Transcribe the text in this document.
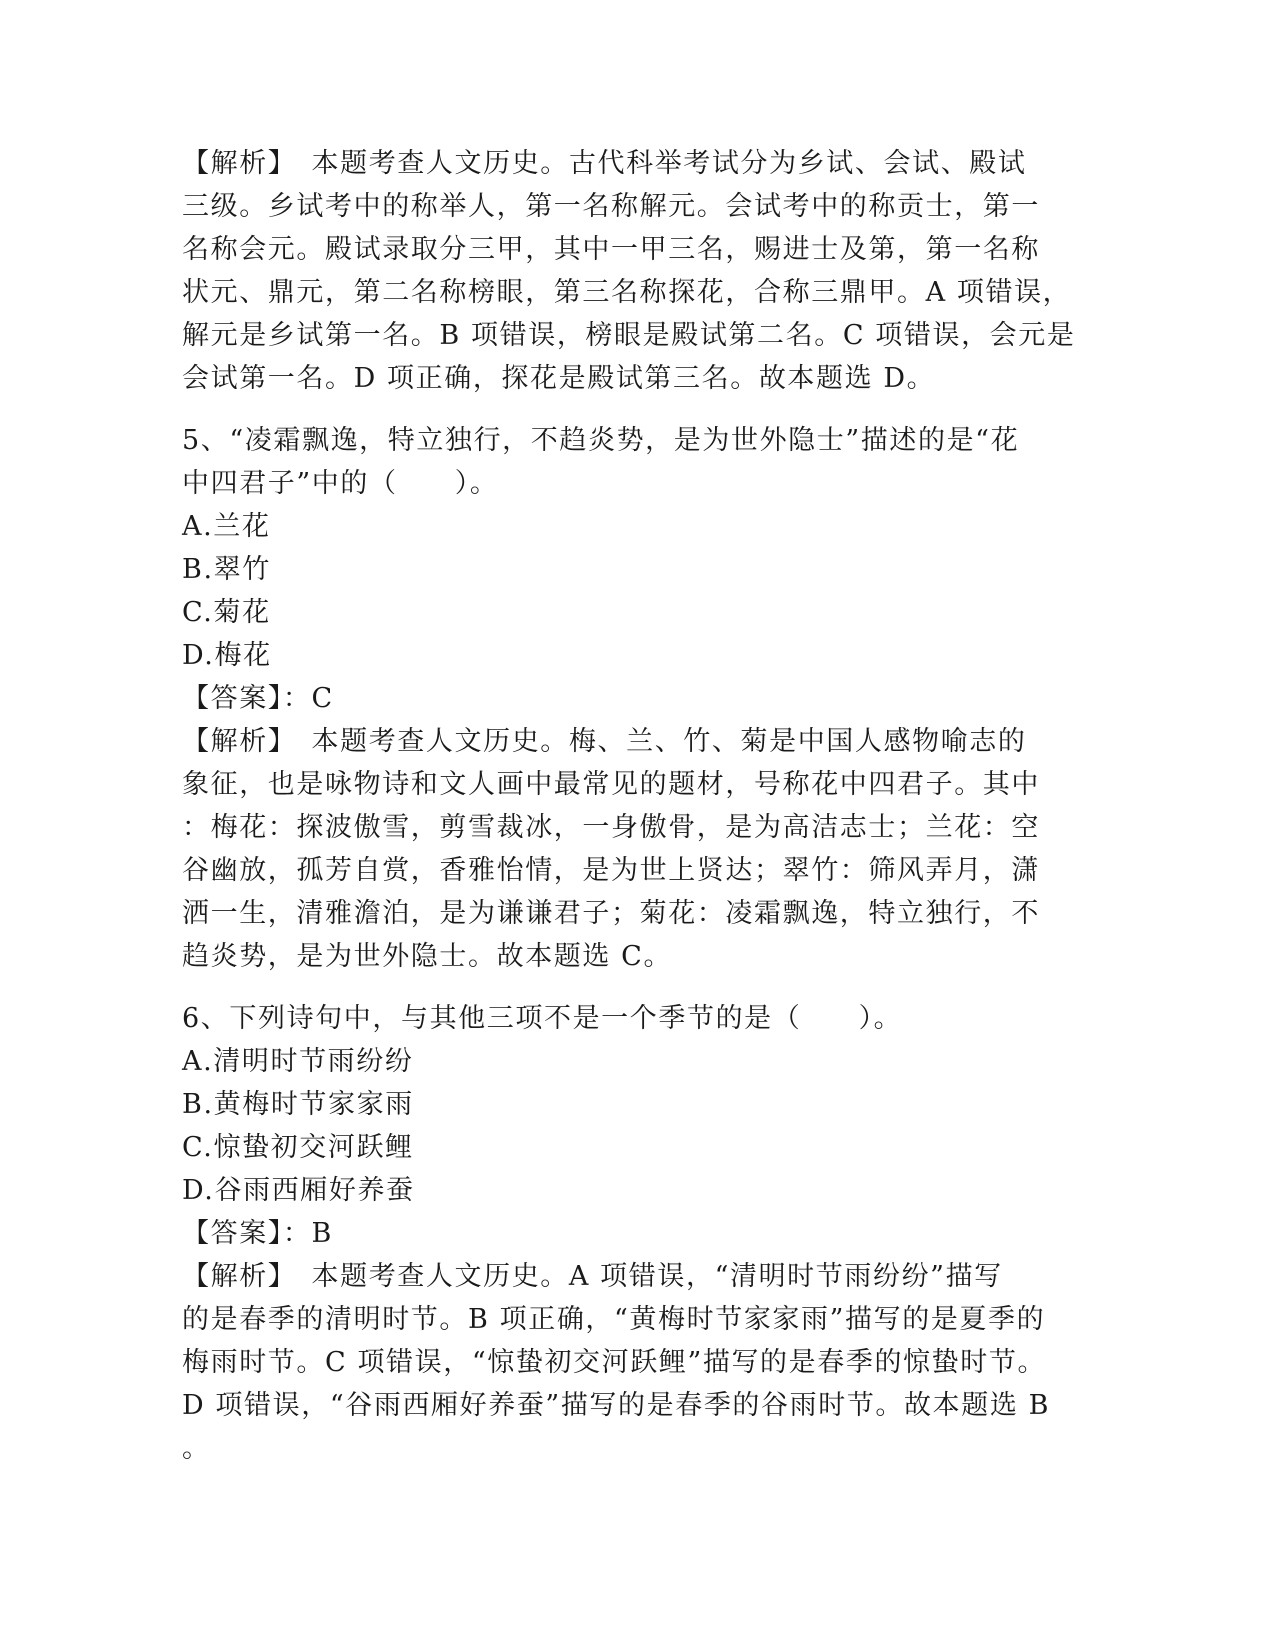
【解析】　本题考查人文历史。古代科举考试分为乡试、会试、殿试
三级。乡试考中的称举人，第一名称解元。会试考中的称贡士，第一
名称会元。殿试录取分三甲，其中一甲三名，赐进士及第，第一名称
状元、鼎元，第二名称榜眼，第三名称探花，合称三鼎甲。A 项错误，
解元是乡试第一名。B 项错误，榜眼是殿试第二名。C 项错误，会元是
会试第一名。D 项正确，探花是殿试第三名。故本题选 D。
5、“凌霜飘逸，特立独行，不趋炎势，是为世外隐士”描述的是“花
中四君子”中的（　　）。
A.兰花
B.翠竹
C.菊花
D.梅花
【答案】：C
【解析】　本题考查人文历史。梅、兰、竹、菊是中国人感物喻志的
象征，也是咏物诗和文人画中最常见的题材，号称花中四君子。其中
：梅花：探波傲雪，剪雪裁冰，一身傲骨，是为高洁志士；兰花：空
谷幽放，孤芳自赏，香雅怡情，是为世上贤达；翠竹：筛风弄月，潇
洒一生，清雅澹泊，是为谦谦君子；菊花：凌霜飘逸，特立独行，不
趋炎势，是为世外隐士。故本题选 C。
6、下列诗句中，与其他三项不是一个季节的是（　　）。
A.清明时节雨纷纷
B.黄梅时节家家雨
C.惊蛰初交河跃鲤
D.谷雨西厢好养蚕
【答案】：B
【解析】　本题考查人文历史。A 项错误，“清明时节雨纷纷”描写
的是春季的清明时节。B 项正确，“黄梅时节家家雨”描写的是夏季的
梅雨时节。C 项错误，“惊蛰初交河跃鲤”描写的是春季的惊蛰时节。
D 项错误，“谷雨西厢好养蚕”描写的是春季的谷雨时节。故本题选 B
。
